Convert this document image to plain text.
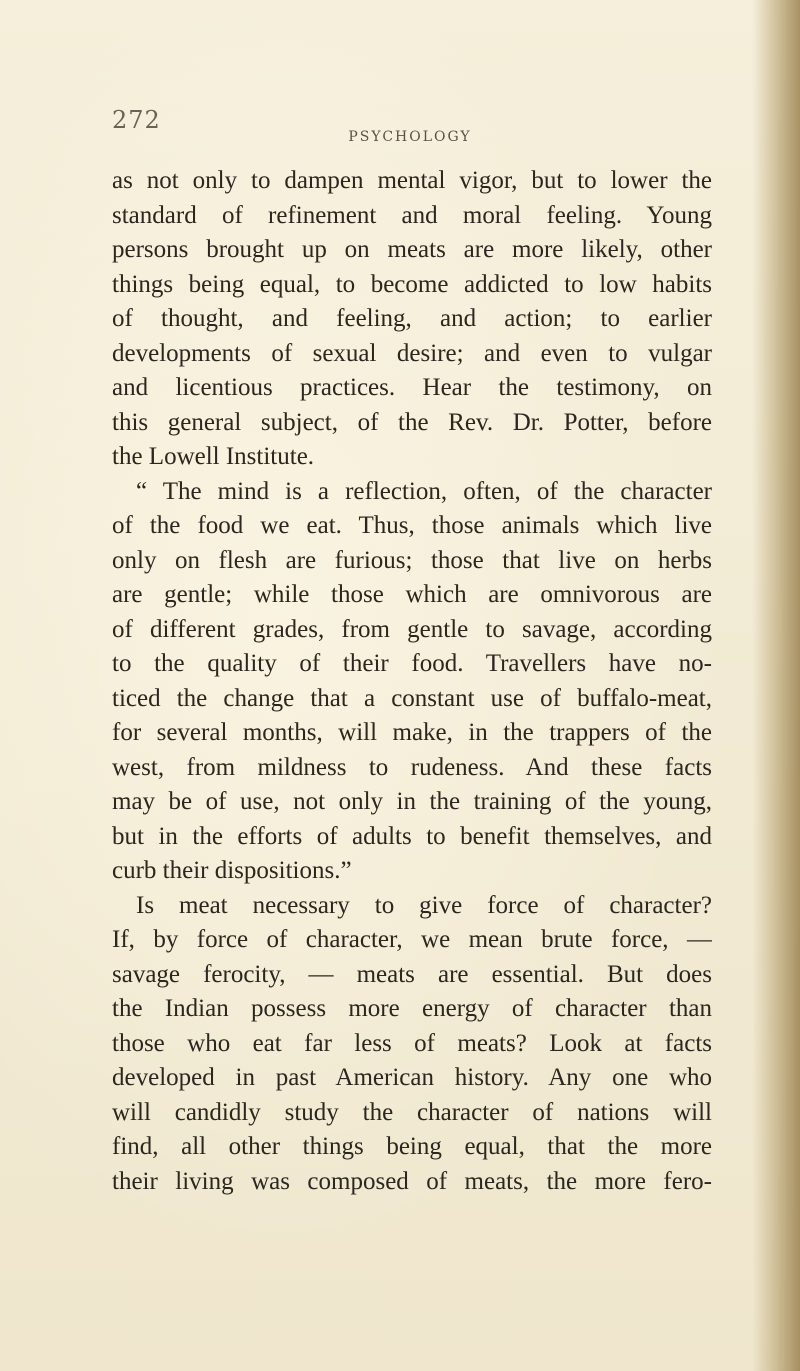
272
PSYCHOLOGY
as not only to dampen mental vigor, but to lower the
standard of refinement and moral feeling. Young
persons brought up on meats are more likely, other
things being equal, to become addicted to low habits
of thought, and feeling, and action; to earlier
developments of sexual desire; and even to vulgar
and licentious practices. Hear the testimony, on
this general subject, of the Rev. Dr. Potter, before
the Lowell Institute.
“ The mind is a reflection, often, of the character
of the food we eat. Thus, those animals which live
only on flesh are furious; those that live on herbs
are gentle; while those which are omnivorous are
of different grades, from gentle to savage, according
to the quality of their food. Travellers have no-
ticed the change that a constant use of buffalo-meat,
for several months, will make, in the trappers of the
west, from mildness to rudeness. And these facts
may be of use, not only in the training of the young,
but in the efforts of adults to benefit themselves, and
curb their dispositions.”
Is meat necessary to give force of character?
If, by force of character, we mean brute force, —
savage ferocity, — meats are essential. But does
the Indian possess more energy of character than
those who eat far less of meats? Look at facts
developed in past American history. Any one who
will candidly study the character of nations will
find, all other things being equal, that the more
their living was composed of meats, the more fero-
